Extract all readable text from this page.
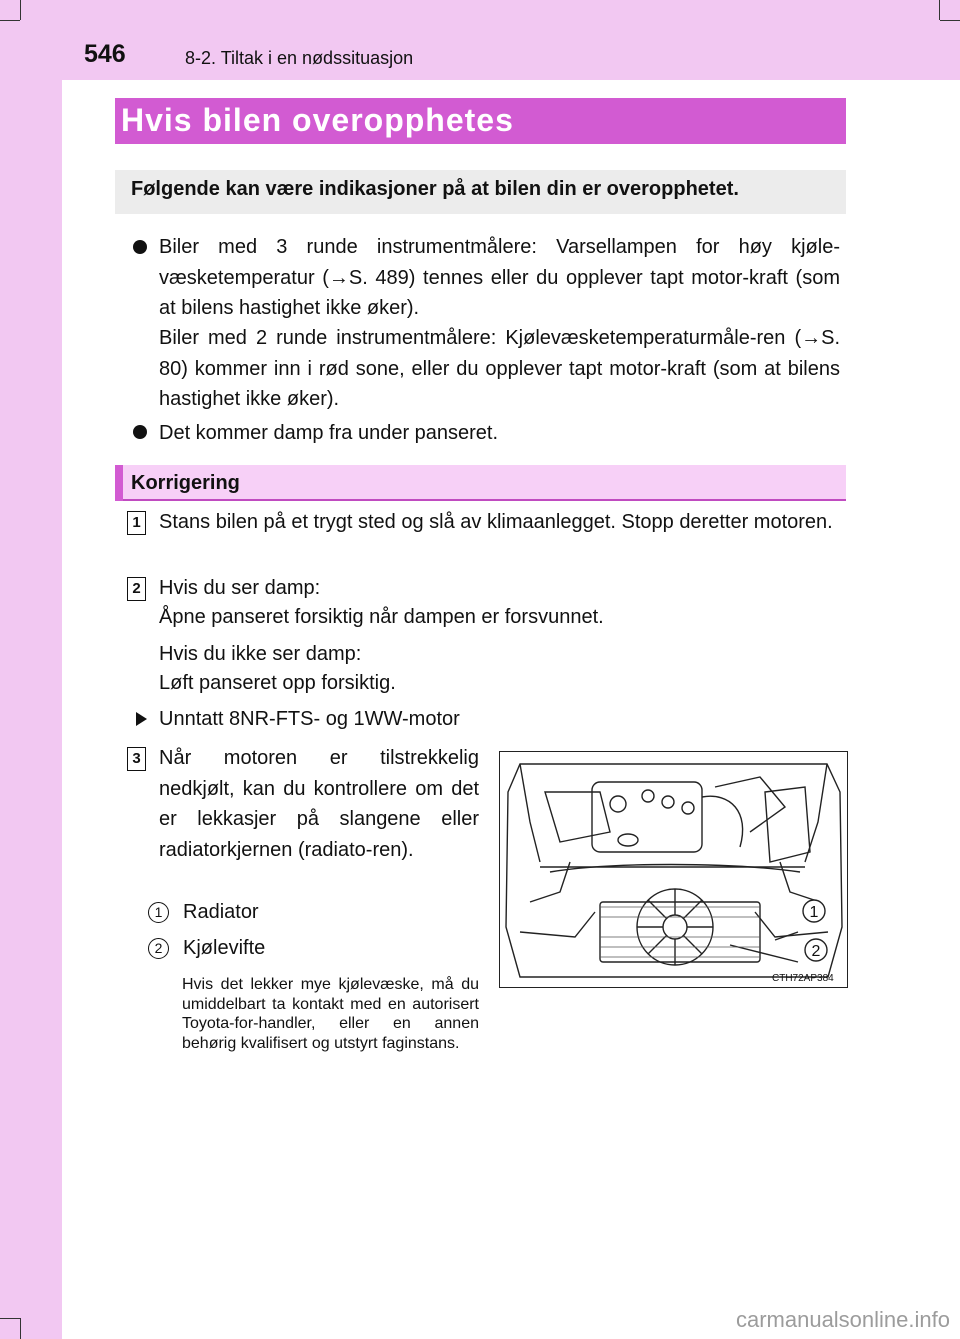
546	8-2. Tiltak i en nødssituasjon
Hvis bilen overopphetes
Følgende kan være indikasjoner på at bilen din er overopphetet.
Biler med 3 runde instrumentmålere: Varsellampen for høy kjøle-væsketemperatur (→S. 489) tennes eller du opplever tapt motor-kraft (som at bilens hastighet ikke øker).
Biler med 2 runde instrumentmålere: Kjølevæsketemperaturmåle-ren (→S. 80) kommer inn i rød sone, eller du opplever tapt motor-kraft (som at bilens hastighet ikke øker).
Det kommer damp fra under panseret.
Korrigering
1 Stans bilen på et trygt sted og slå av klimaanlegget. Stopp deretter motoren.
2 Hvis du ser damp:
Åpne panseret forsiktig når dampen er forsvunnet.
Hvis du ikke ser damp:
Løft panseret opp forsiktig.
Unntatt 8NR-FTS- og 1WW-motor
3 Når motoren er tilstrekkelig nedkjølt, kan du kontrollere om det er lekkasjer på slangene eller radiatorkjernen (radiato-ren).
1	Radiator
2	Kjølevifte
Hvis det lekker mye kjølevæske, må du umiddelbart ta kontakt med en autorisert Toyota-for-handler, eller en annen behørig kvalifisert og utstyrt faginstans.
1
2
CTH72AP384
carmanualsonline.info
